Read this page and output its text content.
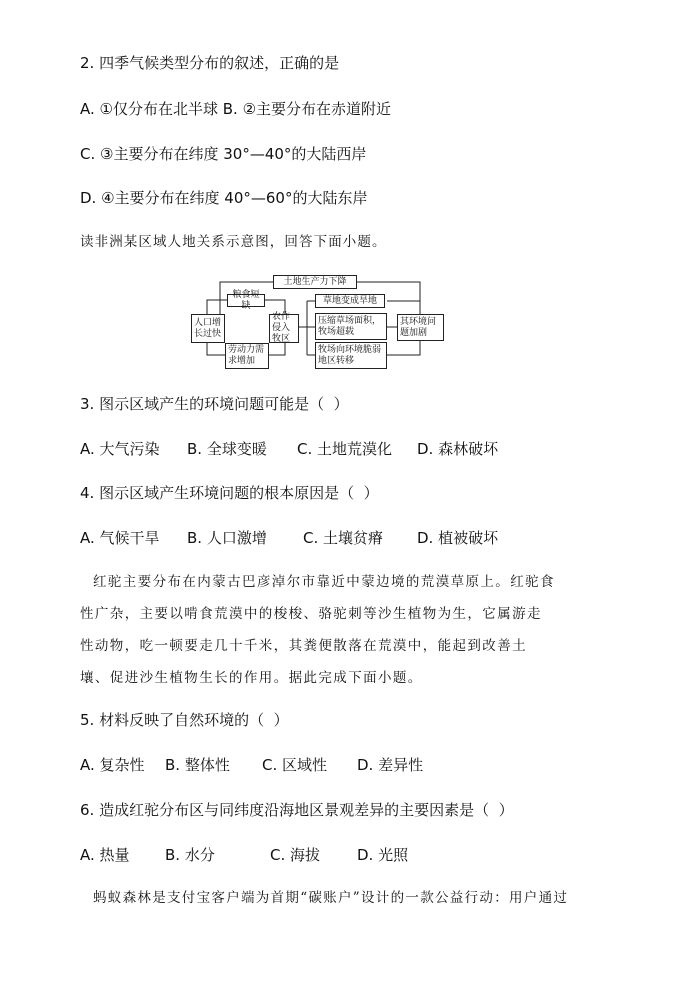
2. 四季气候类型分布的叙述，正确的是
A. ①仅分布在北半球 B. ②主要分布在赤道附近
C. ③主要分布在纬度 30°—40°的大陆西岸
D. ④主要分布在纬度 40°—60°的大陆东岸
读非洲某区域人地关系示意图，回答下面小题。
土地生产力下降
粮食短缺
人口增长过快
农作侵入牧区
劳动力需求增加
草地变成旱地
压缩草场面积，牧场超载
牧场向环境脆弱地区转移
其环境问题加剧
3. 图示区域产生的环境问题可能是（  ）
A. 大气污染 B. 全球变暖 C. 土地荒漠化 D. 森林破坏
4. 图示区域产生环境问题的根本原因是（  ）
A. 气候干旱 B. 人口激增 C. 土壤贫瘠 D. 植被破坏
红驼主要分布在内蒙古巴彦淖尔市靠近中蒙边境的荒漠草原上。红驼食性广杂，主要以啃食荒漠中的梭梭、骆驼刺等沙生植物为生，它属游走性动物，吃一顿要走几十千米，其粪便散落在荒漠中，能起到改善土壤、促进沙生植物生长的作用。据此完成下面小题。
5. 材料反映了自然环境的（  ）
A. 复杂性 B. 整体性 C. 区域性 D. 差异性
6. 造成红驼分布区与同纬度沿海地区景观差异的主要因素是（  ）
A. 热量 B. 水分	C. 海拔 D. 光照
蚂蚁森林是支付宝客户端为首期“碳账户”设计的一款公益行动：用户通过
